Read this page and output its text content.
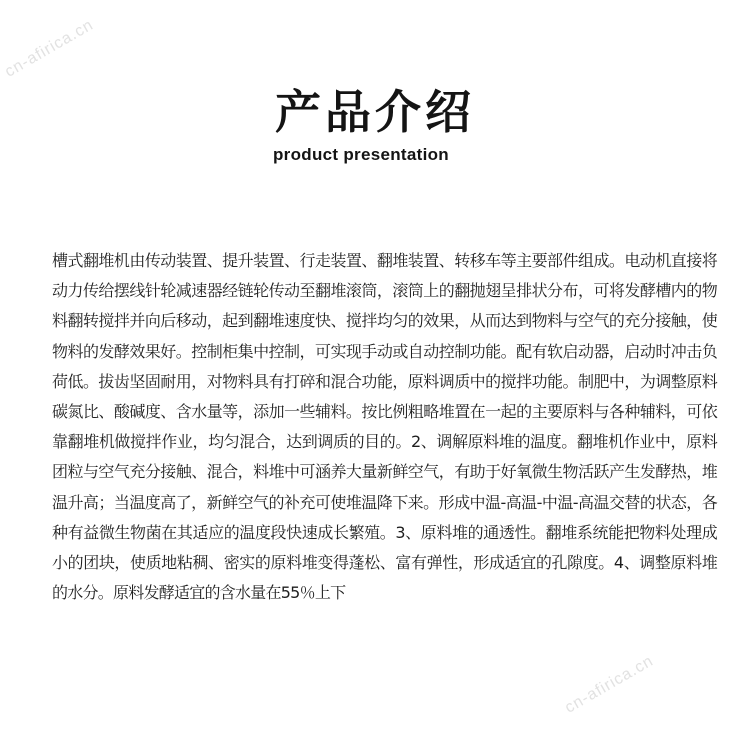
cn-afirica.cn
cn-afirica.cn
产品介绍
product presentation

槽式翻堆机由传动装置、提升装置、行走装置、翻堆装置、转移车等主要部件组成。电动机直接将动力传给摆线针轮减速器经链轮传动至翻堆滚筒，滚筒上的翻抛翅呈排状分布，可将发酵槽内的物料翻转搅拌并向后移动，起到翻堆速度快、搅拌均匀的效果，从而达到物料与空气的充分接触，使物料的发酵效果好。控制柜集中控制，可实现手动或自动控制功能。配有软启动器，启动时冲击负荷低。拔齿坚固耐用，对物料具有打碎和混合功能，原料调质中的搅拌功能。制肥中，为调整原料碳氮比、酸碱度、含水量等，添加一些辅料。按比例粗略堆置在一起的主要原料与各种辅料，可依靠翻堆机做搅拌作业，均匀混合，达到调质的目的。2、调解原料堆的温度。翻堆机作业中，原料团粒与空气充分接触、混合，料堆中可涵养大量新鲜空气，有助于好氧微生物活跃产生发酵热，堆温升高；当温度高了，新鲜空气的补充可使堆温降下来。形成中温-高温-中温-高温交替的状态，各种有益微生物菌在其适应的温度段快速成长繁殖。3、原料堆的通透性。翻堆系统能把物料处理成小的团块，使质地粘稠、密实的原料堆变得蓬松、富有弹性，形成适宜的孔隙度。4、调整原料堆的水分。原料发酵适宜的含水量在55％上下
